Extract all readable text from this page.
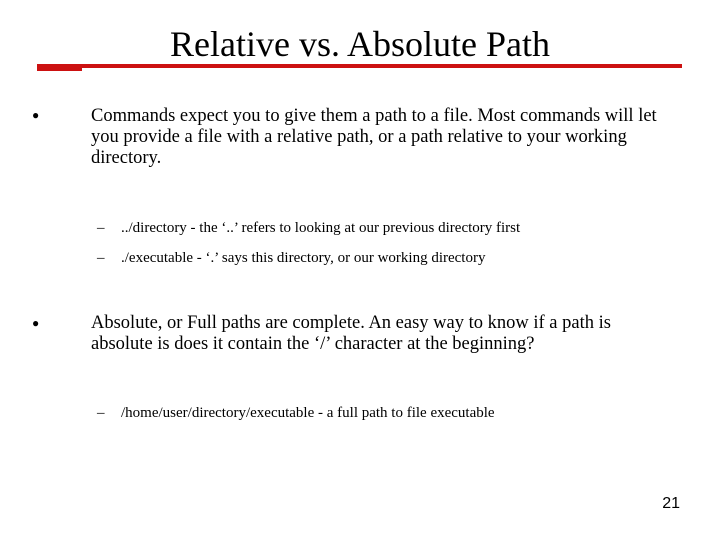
Relative vs. Absolute Path
●	Commands expect you to give them a path to a file. Most commands will let you provide a file with a relative path, or a path relative to your working directory.
– ../directory - the ‘..’ refers to looking at our previous directory first
– ./executable - ‘.’ says this directory, or our working directory
●	Absolute, or Full paths are complete. An easy way to know if a path is absolute is does it contain the ‘/’ character at the beginning?
– /home/user/directory/executable - a full path to file executable
21
